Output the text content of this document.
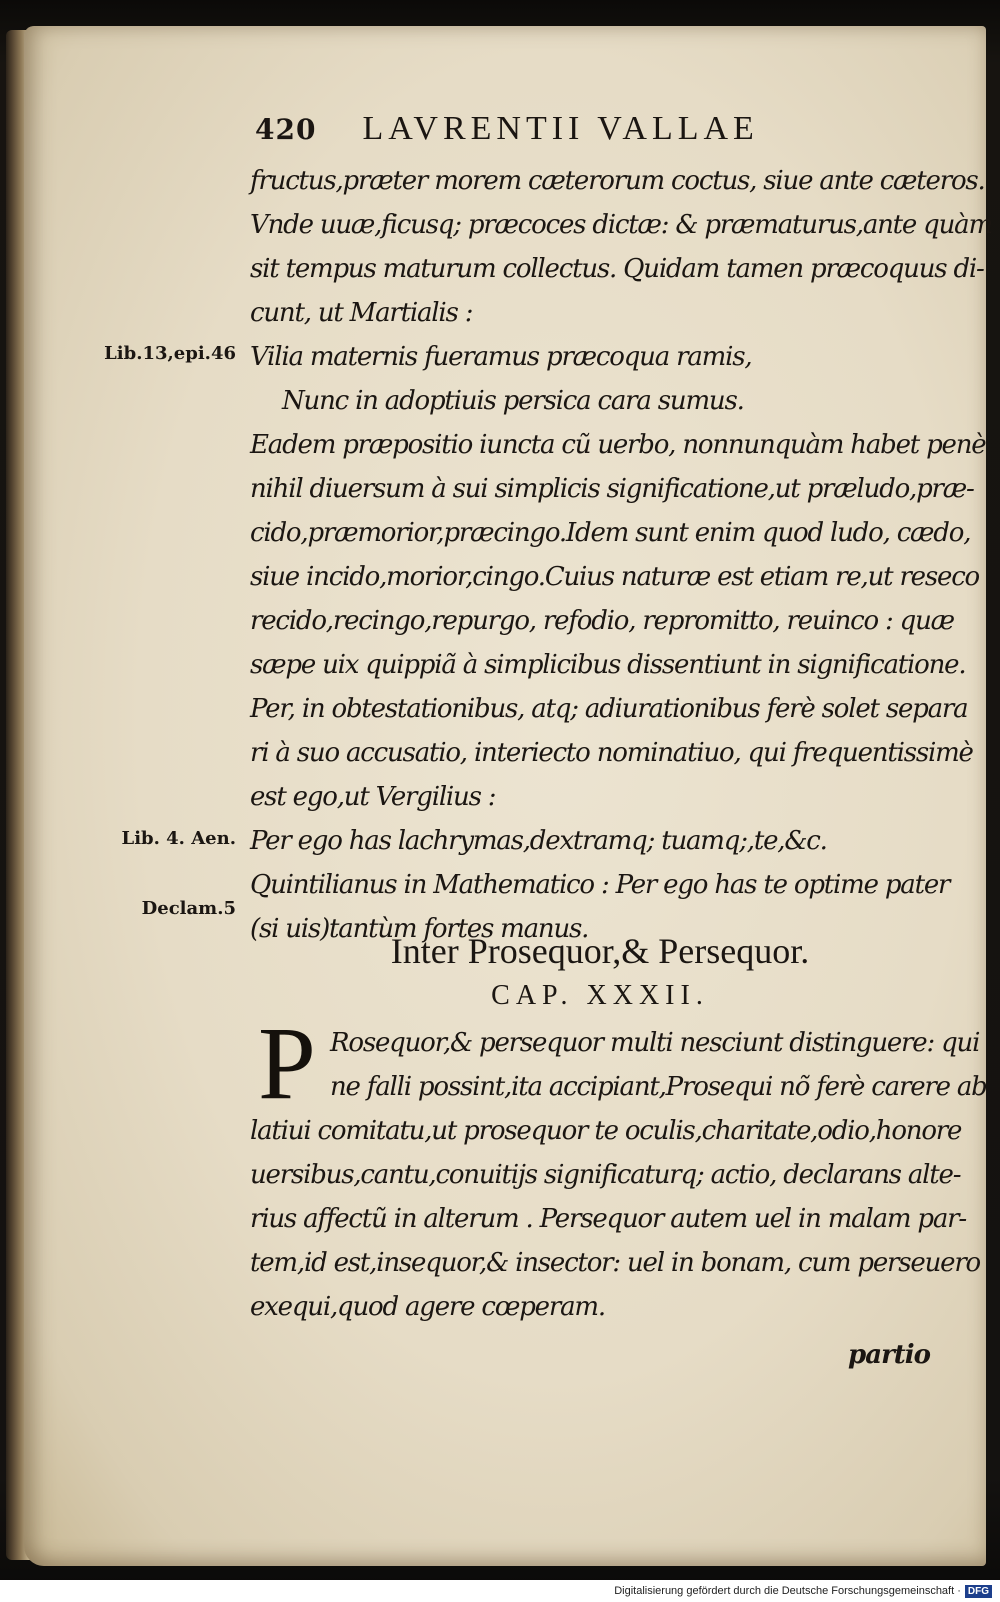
420 LAVRENTII VALLAE
fructus,præter morem cæterorum coctus, siue ante cæteros.
Vnde uuæ,ficusq; præcoces dictæ: & præmaturus,ante quàm
sit tempus maturum collectus. Quidam tamen præcoquus di-
cunt, ut Martialis :
Vilia maternis fueramus præcoqua ramis,
Nunc in adoptiuis persica cara sumus.
Eadem præpositio iuncta cũ uerbo, nonnunquàm habet penè
nihil diuersum à sui simplicis significatione,ut præludo,præ-
cido,præmorior,præcingo.Idem sunt enim quod ludo, cædo,
siue incido,morior,cingo.Cuius naturæ est etiam re,ut reseco
recido,recingo,repurgo, refodio, repromitto, reuinco : quæ
sæpe uix quippiã à simplicibus dissentiunt in significatione.
Per, in obtestationibus, atq; adiurationibus ferè solet separa
ri à suo accusatio, interiecto nominatiuo, qui frequentissimè
est ego,ut Vergilius :
Per ego has lachrymas,dextramq; tuamq;,te,&c.
Quintilianus in Mathematico : Per ego has te optime pater
(si uis)tantùm fortes manus.
Lib.13,epi.46
Lib. 4. Aen.
Declam.5
Inter Prosequor,& Persequor.
CAP. XXXII.
P Rosequor,& persequor multi nesciunt distinguere: qui
ne falli possint,ita accipiant,Prosequi nõ ferè carere ab
latiui comitatu,ut prosequor te oculis,charitate,odio,honore
uersibus,cantu,conuitijs significaturq; actio, declarans alte-
rius affectũ in alterum . Persequor autem uel in malam par-
tem,id est,insequor,& insector: uel in bonam, cum perseuero
exequi,quod agere cœperam.
partio
Digitalisierung gefördert durch die Deutsche Forschungsgemeinschaft · DFG
